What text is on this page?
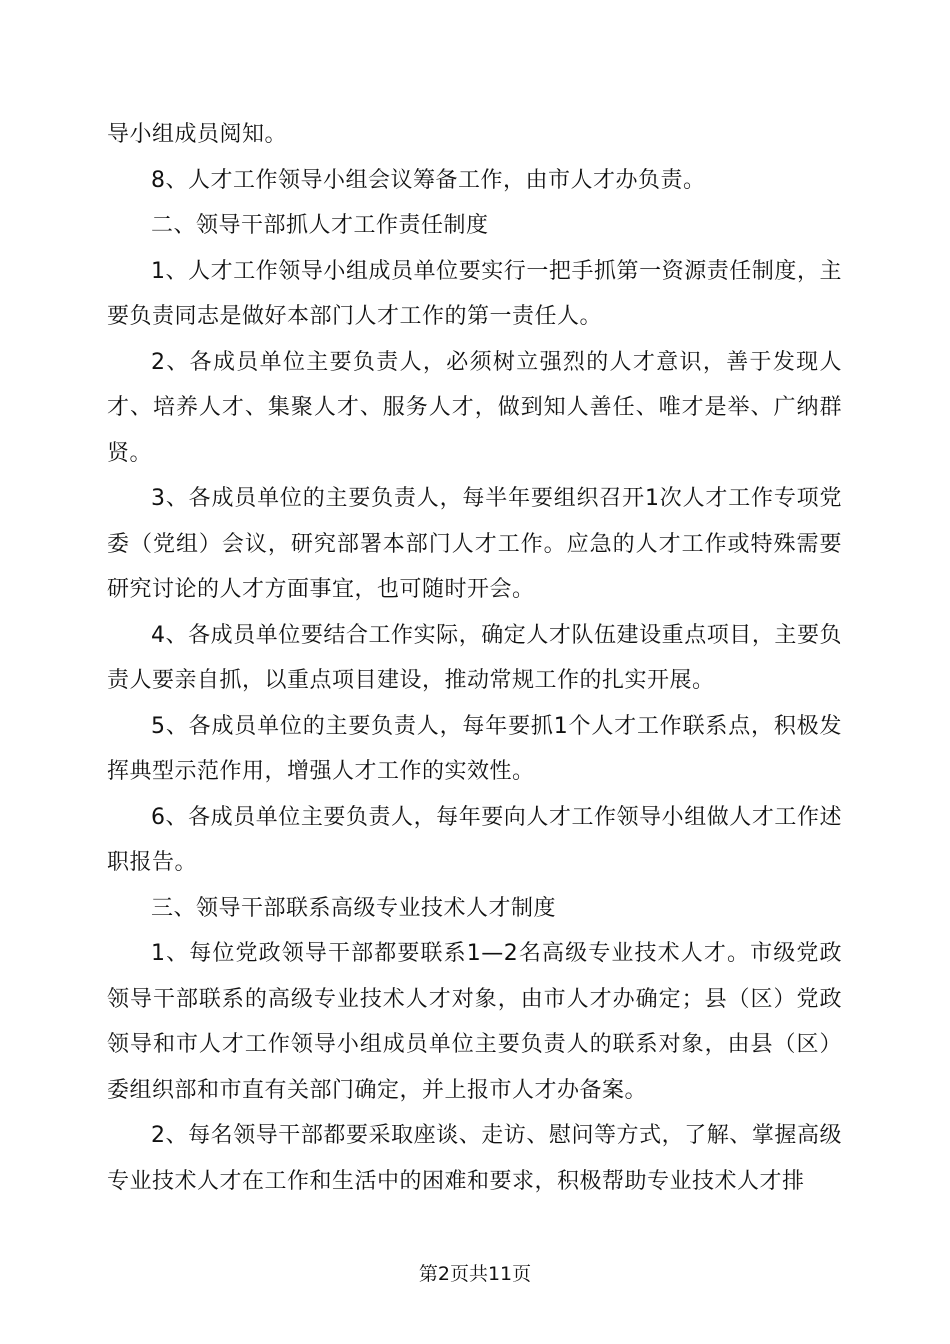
导小组成员阅知。

8、人才工作领导小组会议筹备工作，由市人才办负责。

二、领导干部抓人才工作责任制度

1、人才工作领导小组成员单位要实行一把手抓第一资源责任制度，主要负责同志是做好本部门人才工作的第一责任人。

2、各成员单位主要负责人，必须树立强烈的人才意识，善于发现人才、培养人才、集聚人才、服务人才，做到知人善任、唯才是举、广纳群贤。

3、各成员单位的主要负责人，每半年要组织召开1次人才工作专项党委（党组）会议，研究部署本部门人才工作。应急的人才工作或特殊需要研究讨论的人才方面事宜，也可随时开会。

4、各成员单位要结合工作实际，确定人才队伍建设重点项目，主要负责人要亲自抓，以重点项目建设，推动常规工作的扎实开展。

5、各成员单位的主要负责人，每年要抓1个人才工作联系点，积极发挥典型示范作用，增强人才工作的实效性。

6、各成员单位主要负责人，每年要向人才工作领导小组做人才工作述职报告。

三、领导干部联系高级专业技术人才制度

1、每位党政领导干部都要联系1—2名高级专业技术人才。市级党政领导干部联系的高级专业技术人才对象，由市人才办确定；县（区）党政领导和市人才工作领导小组成员单位主要负责人的联系对象，由县（区）委组织部和市直有关部门确定，并上报市人才办备案。

2、每名领导干部都要采取座谈、走访、慰问等方式，了解、掌握高级专业技术人才在工作和生活中的困难和要求，积极帮助专业技术人才排

第2页共11页
